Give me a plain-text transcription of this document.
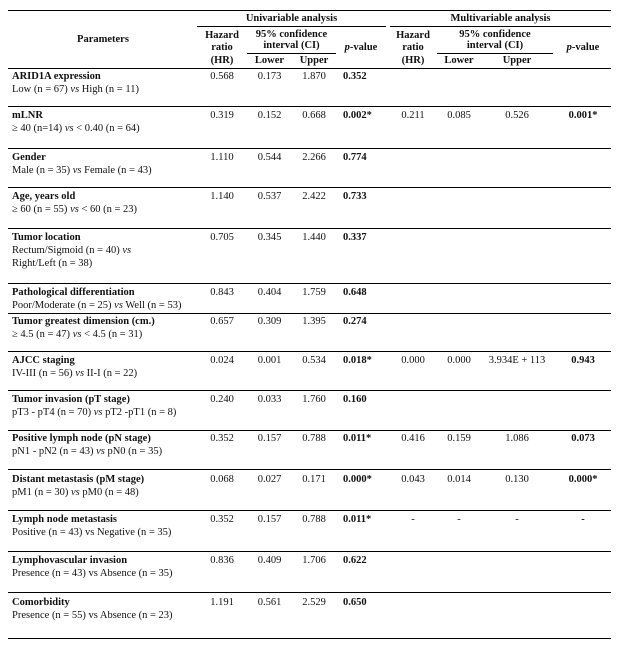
Parameters
Univariable analysis	Multivariable analysis
Hazard
ratio
(HR)
95% confidence
interval (CI)
Lower	Upper
p-value
Hazard
ratio
(HR)
95% confidence
interval (CI)
Lower	Upper
p-value
ARID1A expression
Low (n = 67) vs High (n = 11)
0.568	0.173	1.870	0.352
mLNR
≥ 40 (n=14) vs < 0.40 (n = 64)
0.319	0.152	0.668	0.002*	0.211	0.085	0.526	0.001*
Gender
Male (n = 35) vs Female (n = 43)
1.110	0.544	2.266	0.774
Age, years old
≥ 60 (n = 55) vs < 60 (n = 23)
1.140	0.537	2.422	0.733
Tumor location
Rectum/Sigmoid (n = 40) vs
Right/Left (n = 38)
0.705	0.345	1.440	0.337
Pathological differentiation
Poor/Moderate (n = 25) vs Well (n = 53)
0.843	0.404	1.759	0.648
Tumor greatest dimension (cm.)
≥ 4.5 (n = 47) vs < 4.5 (n = 31)
0.657	0.309	1.395	0.274
AJCC staging
IV-III (n = 56) vs II-I (n = 22)
0.024	0.001	0.534	0.018*	0.000	0.000	3.934E + 113	0.943
Tumor invasion (pT stage)
pT3 - pT4 (n = 70) vs pT2 -pT1 (n = 8)
0.240	0.033	1.760	0.160
Positive lymph node (pN stage)
pN1 - pN2 (n = 43) vs pN0 (n = 35)
0.352	0.157	0.788	0.011*	0.416	0.159	1.086	0.073
Distant metastasis (pM stage)
pM1 (n = 30) vs pM0 (n = 48)
0.068	0.027	0.171	0.000*	0.043	0.014	0.130	0.000*
Lymph node metastasis
Positive (n = 43) vs Negative (n = 35)
0.352	0.157	0.788	0.011*	-	-	-	-
Lymphovascular invasion
Presence (n = 43) vs Absence (n = 35)
0.836	0.409	1.706	0.622
Comorbidity
Presence (n = 55) vs Absence (n = 23)
1.191	0.561	2.529	0.650
